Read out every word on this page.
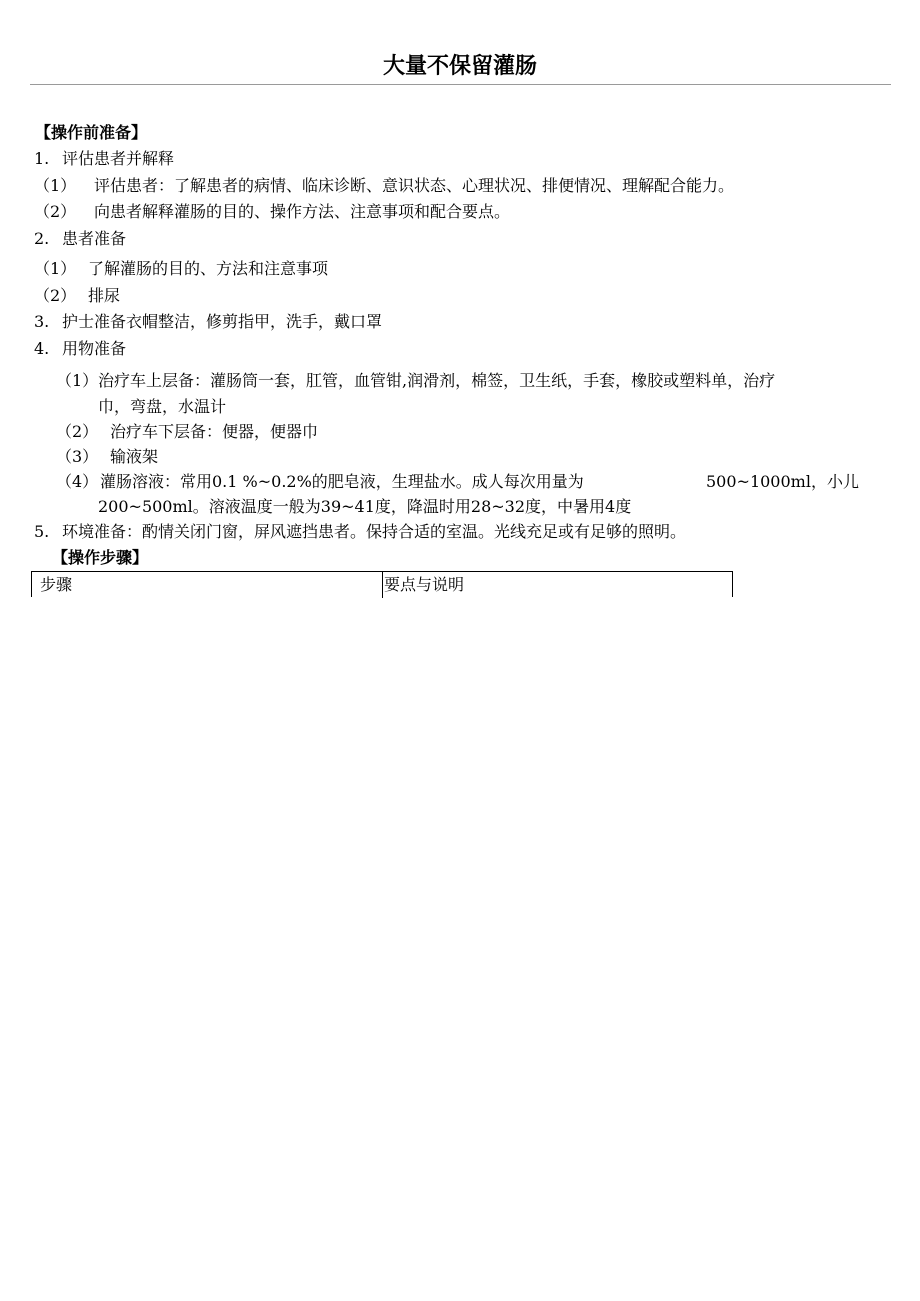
大量不保留灌肠
【操作前准备】
1. 评估患者并解释
（1） 评估患者：了解患者的病情、临床诊断、意识状态、心理状况、排便情况、理解配合能力。
（2） 向患者解释灌肠的目的、操作方法、注意事项和配合要点。
2. 患者准备
（1） 了解灌肠的目的、方法和注意事项
（2） 排尿
3. 护士准备衣帽整洁，修剪指甲，洗手，戴口罩
4. 用物准备
（1）治疗车上层备：灌肠筒一套，肛管，血管钳,润滑剂，棉签，卫生纸，手套，橡胶或塑料单，治疗
巾，弯盘，水温计
（2） 治疗车下层备：便器，便器巾
（3） 输液架
（4） 灌肠溶液：常用0.1 %~0.2%的肥皂液，生理盐水。成人每次用量为	500~1000ml，小儿
200~500ml。溶液温度一般为39~41度，降温时用28~32度，中暑用4度
5. 环境准备：酌情关闭门窗，屏风遮挡患者。保持合适的室温。光线充足或有足够的照明。
【操作步骤】
步骤	要点与说明
